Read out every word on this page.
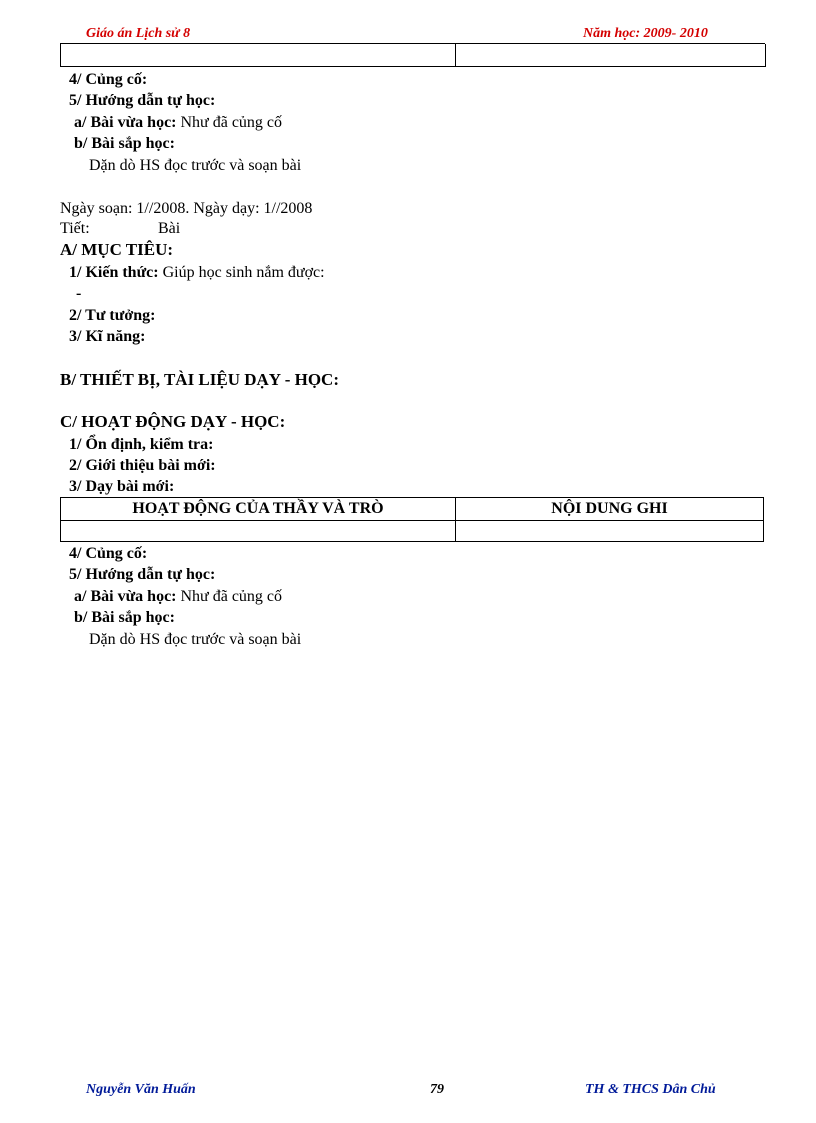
Giáo án Lịch sử 8	Năm học: 2009- 2010
4/ Củng cố:
5/ Hướng dẫn tự học:
a/ Bài vừa học: Như đã củng cố
b/ Bài sắp học:
Dặn dò HS đọc trước và soạn bài
Ngày soạn: 1//2008. Ngày dạy: 1//2008
Tiết:	Bài
A/ MỤC TIÊU:
1/ Kiến thức: Giúp học sinh nắm được:
-
2/ Tư tưởng:
3/ Kĩ năng:
B/ THIẾT BỊ, TÀI LIỆU DẠY - HỌC:
C/ HOẠT ĐỘNG DẠY - HỌC:
1/ Ổn định, kiểm tra:
2/ Giới thiệu bài mới:
3/ Dạy bài mới:
HOẠT ĐỘNG CỦA THẦY VÀ TRÒ	NỘI DUNG GHI
4/ Củng cố:
5/ Hướng dẫn tự học:
a/ Bài vừa học: Như đã củng cố
b/ Bài sắp học:
Dặn dò HS đọc trước và soạn bài
Nguyễn Văn Huấn	79	TH & THCS Dân Chủ
